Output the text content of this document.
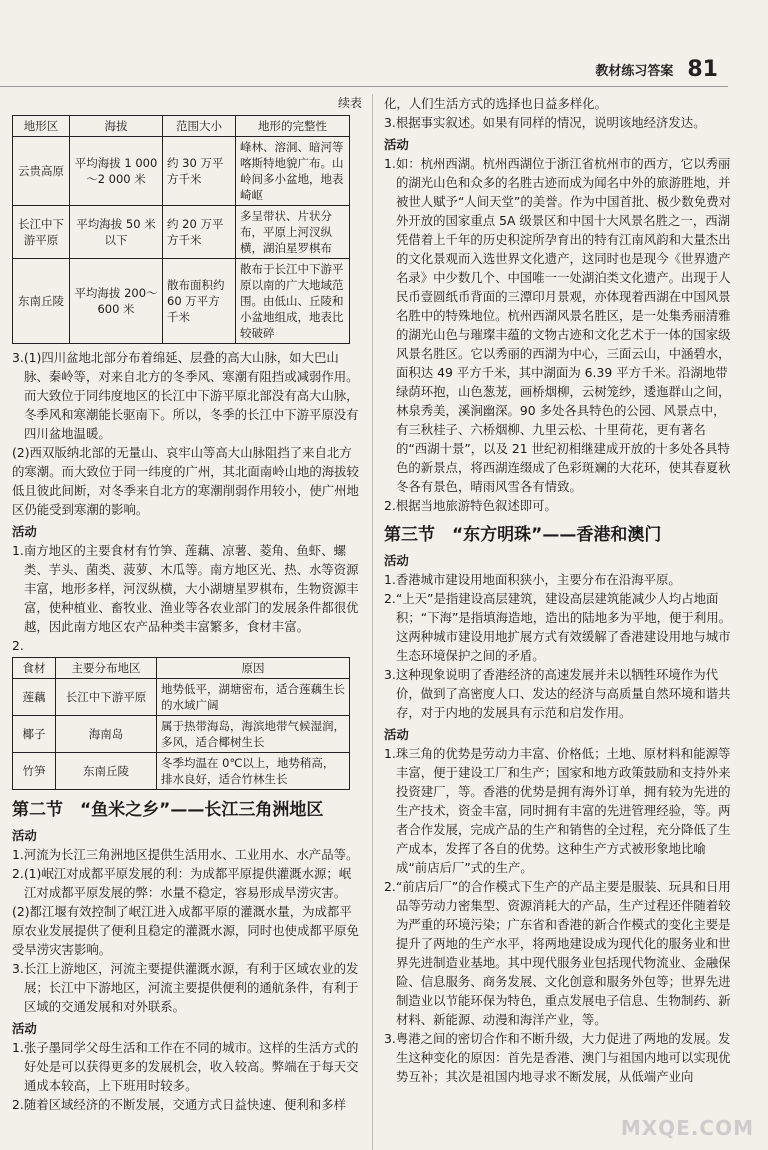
教材练习答案 81

续表

地形区	海拔	范围大小	地形的完整性
云贵高原	平均海拔 1 000～2 000 米	约 30 万平方千米	峰林、溶洞、暗河等喀斯特地貌广布。山岭间多小盆地，地表崎岖
长江中下游平原	平均海拔 50 米以下	约 20 万平方千米	多呈带状、片状分布，平原上河汊纵横，湖泊星罗棋布
东南丘陵	平均海拔 200～600 米	散布面积约 60 万平方千米	散布于长江中下游平原以南的广大地域范围。由低山、丘陵和小盆地组成，地表比较破碎

3.(1)四川盆地北部分布着绵延、层叠的高大山脉，如大巴山脉、秦岭等，对来自北方的冬季风、寒潮有阻挡或减弱作用。而大致位于同纬度地区的长江中下游平原北部没有高大山脉，冬季风和寒潮能长驱南下。所以，冬季的长江中下游平原没有四川盆地温暖。

(2)西双版纳北部的无量山、哀牢山等高大山脉阻挡了来自北方的寒潮。而大致位于同一纬度的广州，其北面南岭山地的海拔较低且彼此间断，对冬季来自北方的寒潮削弱作用较小，使广州地区仍能受到寒潮的影响。

活动

1.南方地区的主要食材有竹笋、莲藕、凉薯、菱角、鱼虾、螺类、芋头、菌类、菠萝、木瓜等。南方地区光、热、水等资源丰富，地形多样，河汊纵横，大小湖塘星罗棋布，生物资源丰富，使种植业、畜牧业、渔业等各农业部门的发展条件都很优越，因此南方地区农产品种类丰富繁多，食材丰富。

2.

食材	主要分布地区	原因
莲藕	长江中下游平原	地势低平，湖塘密布，适合莲藕生长的水域广阔
椰子	海南岛	属于热带海岛，海滨地带气候湿润，多风，适合椰树生长
竹笋	东南丘陵	冬季均温在 0℃以上，地势稍高，排水良好，适合竹林生长

第二节　“鱼米之乡”——长江三角洲地区

活动

1.河流为长江三角洲地区提供生活用水、工业用水、水产品等。

2.(1)岷江对成都平原发展的利：为成都平原提供灌溉水源；岷江对成都平原发展的弊：水量不稳定，容易形成旱涝灾害。

(2)都江堰有效控制了岷江进入成都平原的灌溉水量，为成都平原农业发展提供了便利且稳定的灌溉水源，同时也使成都平原免受旱涝灾害影响。

3.长江上游地区，河流主要提供灌溉水源，有利于区域农业的发展；长江中下游地区，河流主要提供便利的通航条件，有利于区域的交通发展和对外联系。

活动

1.张子墨同学父母生活和工作在不同的城市。这样的生活方式的好处是可以获得更多的发展机会，收入较高。弊端在于每天交通成本较高，上下班用时较多。

2.随着区域经济的不断发展，交通方式日益快速、便利和多样

化，人们生活方式的选择也日益多样化。

3.根据事实叙述。如果有同样的情况，说明该地经济发达。

活动

1.如：杭州西湖。杭州西湖位于浙江省杭州市的西方，它以秀丽的湖光山色和众多的名胜古迹而成为闻名中外的旅游胜地，并被世人赋予“人间天堂”的美誉。作为中国首批、极少数免费对外开放的国家重点 5A 级景区和中国十大风景名胜之一，西湖凭借着上千年的历史积淀所孕育出的特有江南风韵和大量杰出的文化景观而入选世界文化遗产，这同时也是现今《世界遗产名录》中少数几个、中国唯一一处湖泊类文化遗产。出现于人民币壹圆纸币背面的三潭印月景观，亦体现着西湖在中国风景名胜中的特殊地位。杭州西湖风景名胜区，是一处集秀丽清雅的湖光山色与璀璨丰蕴的文物古迹和文化艺术于一体的国家级风景名胜区。它以秀丽的西湖为中心，三面云山，中涵碧水，面积达 49 平方千米，其中湖面为 6.39 平方千米。沿湖地带绿荫环抱，山色葱茏，画桥烟柳，云树笼纱，逶迤群山之间，林泉秀美，溪涧幽深。90 多处各具特色的公园、风景点中，有三秋桂子、六桥烟柳、九里云松、十里荷花，更有著名的“西湖十景”，以及 21 世纪初相继建成开放的十多处各具特色的新景点，将西湖连缀成了色彩斑斓的大花环，使其春夏秋冬各有景色，晴雨风雪各有情致。

2.根据当地旅游特色叙述即可。

第三节　“东方明珠”——香港和澳门

活动

1.香港城市建设用地面积狭小，主要分布在沿海平原。

2.“上天”是指建设高层建筑，建设高层建筑能减少人均占地面积；“下海”是指填海造地，造出的陆地多为平地，便于利用。这两种城市建设用地扩展方式有效缓解了香港建设用地与城市生态环境保护之间的矛盾。

3.这种现象说明了香港经济的高速发展并未以牺牲环境作为代价，做到了高密度人口、发达的经济与高质量自然环境和谐共存，对于内地的发展具有示范和启发作用。

活动

1.珠三角的优势是劳动力丰富、价格低；土地、原材料和能源等丰富，便于建设工厂和生产；国家和地方政策鼓励和支持外来投资建厂，等。香港的优势是拥有海外订单，拥有较为先进的生产技术，资金丰富，同时拥有丰富的先进管理经验，等。两者合作发展，完成产品的生产和销售的全过程，充分降低了生产成本，发挥了各自的优势。这种生产方式被形象地比喻成“前店后厂”式的生产。

2.“前店后厂”的合作模式下生产的产品主要是服装、玩具和日用品等劳动力密集型、资源消耗大的产品，生产过程还伴随着较为严重的环境污染；广东省和香港的新合作模式的变化主要是提升了两地的生产水平，将两地建设成为现代化的服务业和世界先进制造业基地。其中现代服务业包括现代物流业、金融保险、信息服务、商务发展、文化创意和服务外包等；世界先进制造业以节能环保为特色，重点发展电子信息、生物制药、新材料、新能源、动漫和海洋产业，等。

3.粤港之间的密切合作和不断升级，大力促进了两地的发展。发生这种变化的原因：首先是香港、澳门与祖国内地可以实现优势互补；其次是祖国内地寻求不断发展，从低端产业向

MXQE.COM
